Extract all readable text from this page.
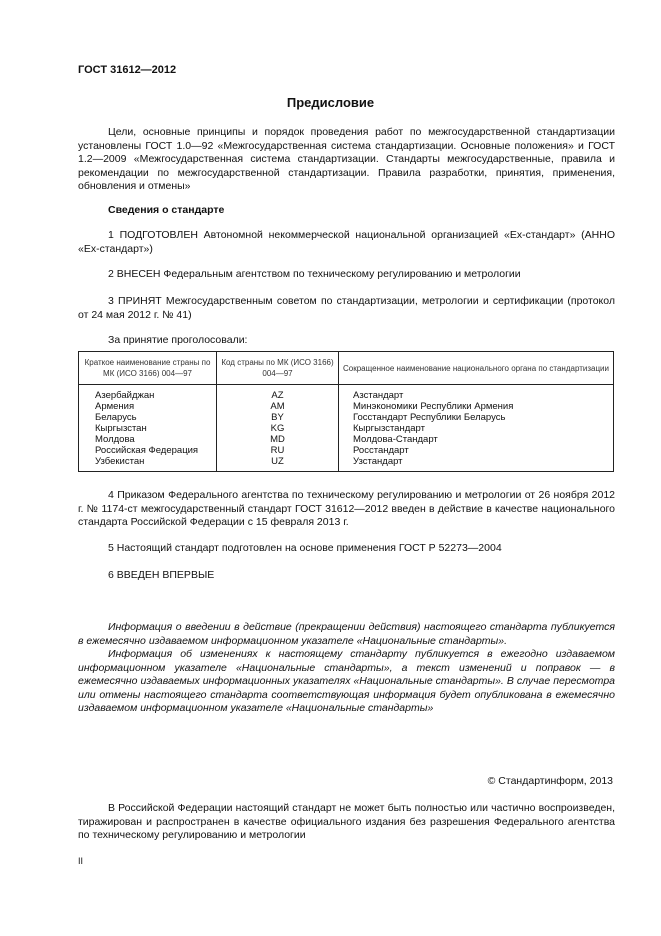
ГОСТ 31612—2012
Предисловие

Цели, основные принципы и порядок проведения работ по межгосударственной стандартизации установлены ГОСТ 1.0—92 «Межгосударственная система стандартизации. Основные положения» и ГОСТ 1.2—2009 «Межгосударственная система стандартизации. Стандарты межгосударственные, правила и рекомендации по межгосударственной стандартизации. Правила разработки, принятия, применения, обновления и отмены»

Сведения о стандарте

1 ПОДГОТОВЛЕН Автономной некоммерческой национальной организацией «Ех-стандарт» (АННО «Ех-стандарт»)

2 ВНЕСЕН Федеральным агентством по техническому регулированию и метрологии

3 ПРИНЯТ Межгосударственным советом по стандартизации, метрологии и сертификации (протокол от 24 мая 2012 г. № 41)

За принятие проголосовали:

Краткое наименование страны по МК (ИСО 3166) 004—97	Код страны по МК (ИСО 3166) 004—97	Сокращенное наименование национального органа по стандартизации
Азербайджан	AZ	Азстандарт
Армения	AM	Минэкономики Республики Армения
Беларусь	BY	Госстандарт Республики Беларусь
Кыргызстан	KG	Кыргызстандарт
Молдова	MD	Молдова-Стандарт
Российская Федерация	RU	Росстандарт
Узбекистан	UZ	Узстандарт

4 Приказом Федерального агентства по техническому регулированию и метрологии от 26 ноября 2012 г. № 1174-ст межгосударственный стандарт ГОСТ 31612—2012 введен в действие в качестве национального стандарта Российской Федерации с 15 февраля 2013 г.

5 Настоящий стандарт подготовлен на основе применения ГОСТ Р 52273—2004

6 ВВЕДЕН ВПЕРВЫЕ

Информация о введении в действие (прекращении действия) настоящего стандарта публикуется в ежемесячно издаваемом информационном указателе «Национальные стандарты».

Информация об изменениях к настоящему стандарту публикуется в ежегодно издаваемом информационном указателе «Национальные стандарты», а текст изменений и поправок — в ежемесячно издаваемых информационных указателях «Национальные стандарты». В случае пересмотра или отмены настоящего стандарта соответствующая информация будет опубликована в ежемесячно издаваемом информационном указателе «Национальные стандарты»

© Стандартинформ, 2013

В Российской Федерации настоящий стандарт не может быть полностью или частично воспроизведен, тиражирован и распространен в качестве официального издания без разрешения Федерального агентства по техническому регулированию и метрологии

II
